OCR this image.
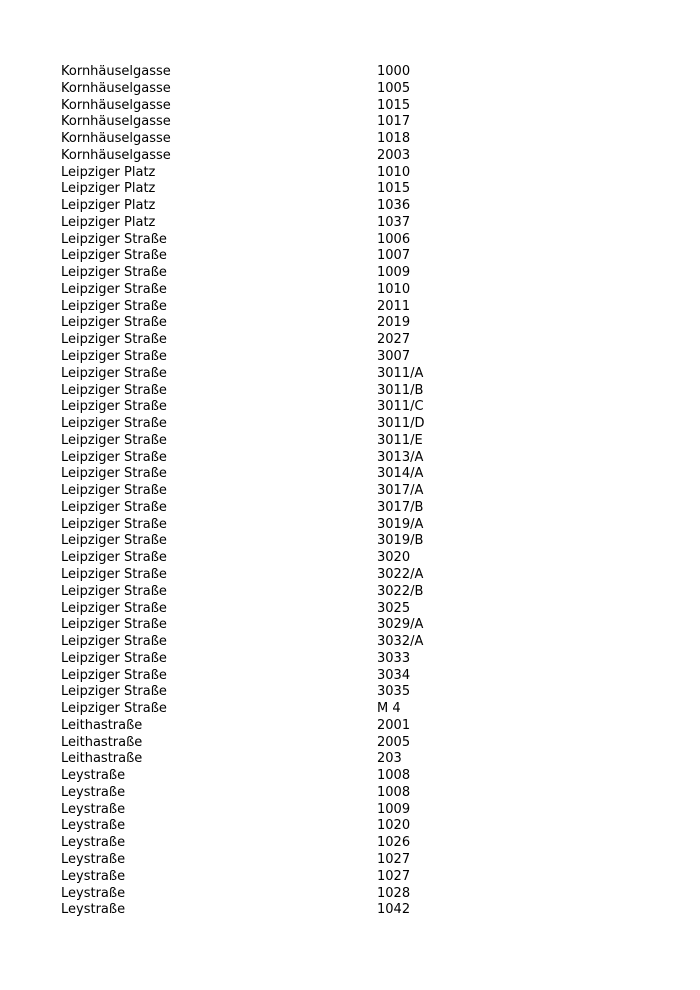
Kornhäuselgasse	1000
Kornhäuselgasse	1005
Kornhäuselgasse	1015
Kornhäuselgasse	1017
Kornhäuselgasse	1018
Kornhäuselgasse	2003
Leipziger Platz	1010
Leipziger Platz	1015
Leipziger Platz	1036
Leipziger Platz	1037
Leipziger Straße	1006
Leipziger Straße	1007
Leipziger Straße	1009
Leipziger Straße	1010
Leipziger Straße	2011
Leipziger Straße	2019
Leipziger Straße	2027
Leipziger Straße	3007
Leipziger Straße	3011/A
Leipziger Straße	3011/B
Leipziger Straße	3011/C
Leipziger Straße	3011/D
Leipziger Straße	3011/E
Leipziger Straße	3013/A
Leipziger Straße	3014/A
Leipziger Straße	3017/A
Leipziger Straße	3017/B
Leipziger Straße	3019/A
Leipziger Straße	3019/B
Leipziger Straße	3020
Leipziger Straße	3022/A
Leipziger Straße	3022/B
Leipziger Straße	3025
Leipziger Straße	3029/A
Leipziger Straße	3032/A
Leipziger Straße	3033
Leipziger Straße	3034
Leipziger Straße	3035
Leipziger Straße	M 4
Leithastraße	2001
Leithastraße	2005
Leithastraße	203
Leystraße	1008
Leystraße	1008
Leystraße	1009
Leystraße	1020
Leystraße	1026
Leystraße	1027
Leystraße	1027
Leystraße	1028
Leystraße	1042
